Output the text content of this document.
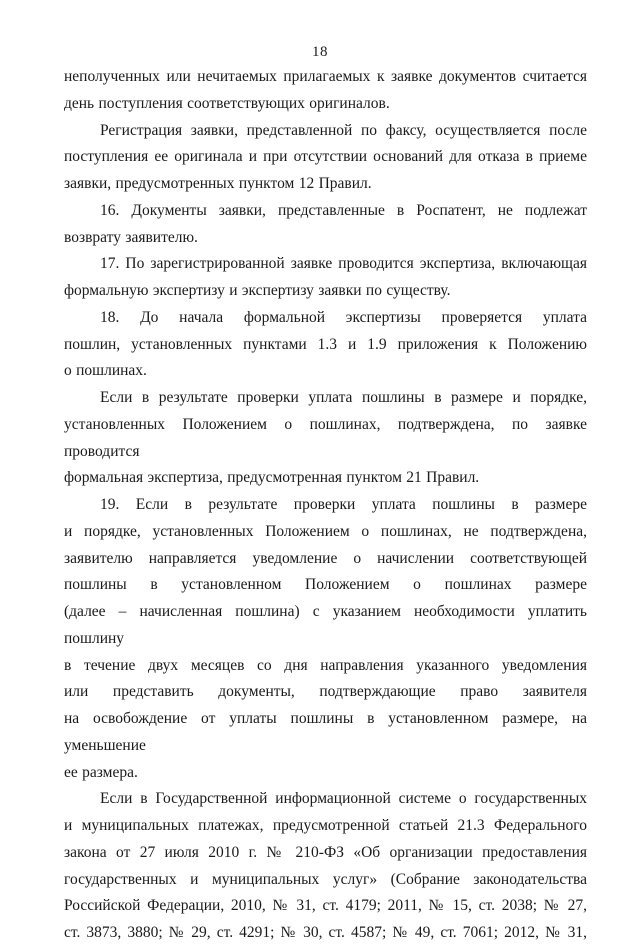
18
неполученных или нечитаемых прилагаемых к заявке документов считается
день поступления соответствующих оригиналов.
Регистрация заявки, представленной по факсу, осуществляется после
поступления ее оригинала и при отсутствии оснований для отказа в приеме
заявки, предусмотренных пунктом 12 Правил.
16. Документы заявки, представленные в Роспатент, не подлежат
возврату заявителю.
17. По зарегистрированной заявке проводится экспертиза, включающая
формальную экспертизу и экспертизу заявки по существу.
18. До начала формальной экспертизы проверяется уплата
пошлин, установленных пунктами 1.3 и 1.9 приложения к Положению
о пошлинах.
Если в результате проверки уплата пошлины в размере и порядке,
установленных Положением о пошлинах, подтверждена, по заявке проводится
формальная экспертиза, предусмотренная пунктом 21 Правил.
19. Если в результате проверки уплата пошлины в размере
и порядке, установленных Положением о пошлинах, не подтверждена,
заявителю направляется уведомление о начислении соответствующей
пошлины в установленном Положением о пошлинах размере
(далее – начисленная пошлина) с указанием необходимости уплатить пошлину
в течение двух месяцев со дня направления указанного уведомления
или представить документы, подтверждающие право заявителя
на освобождение от уплаты пошлины в установленном размере, на уменьшение
ее размера.
Если в Государственной информационной системе о государственных
и муниципальных платежах, предусмотренной статьей 21.3 Федерального
закона от 27 июля 2010 г. № 210-ФЗ «Об организации предоставления
государственных и муниципальных услуг» (Собрание законодательства
Российской Федерации, 2010, № 31, ст. 4179; 2011, № 15, ст. 2038; № 27,
ст. 3873, 3880; № 29, ст. 4291; № 30, ст. 4587; № 49, ст. 7061; 2012, № 31,
